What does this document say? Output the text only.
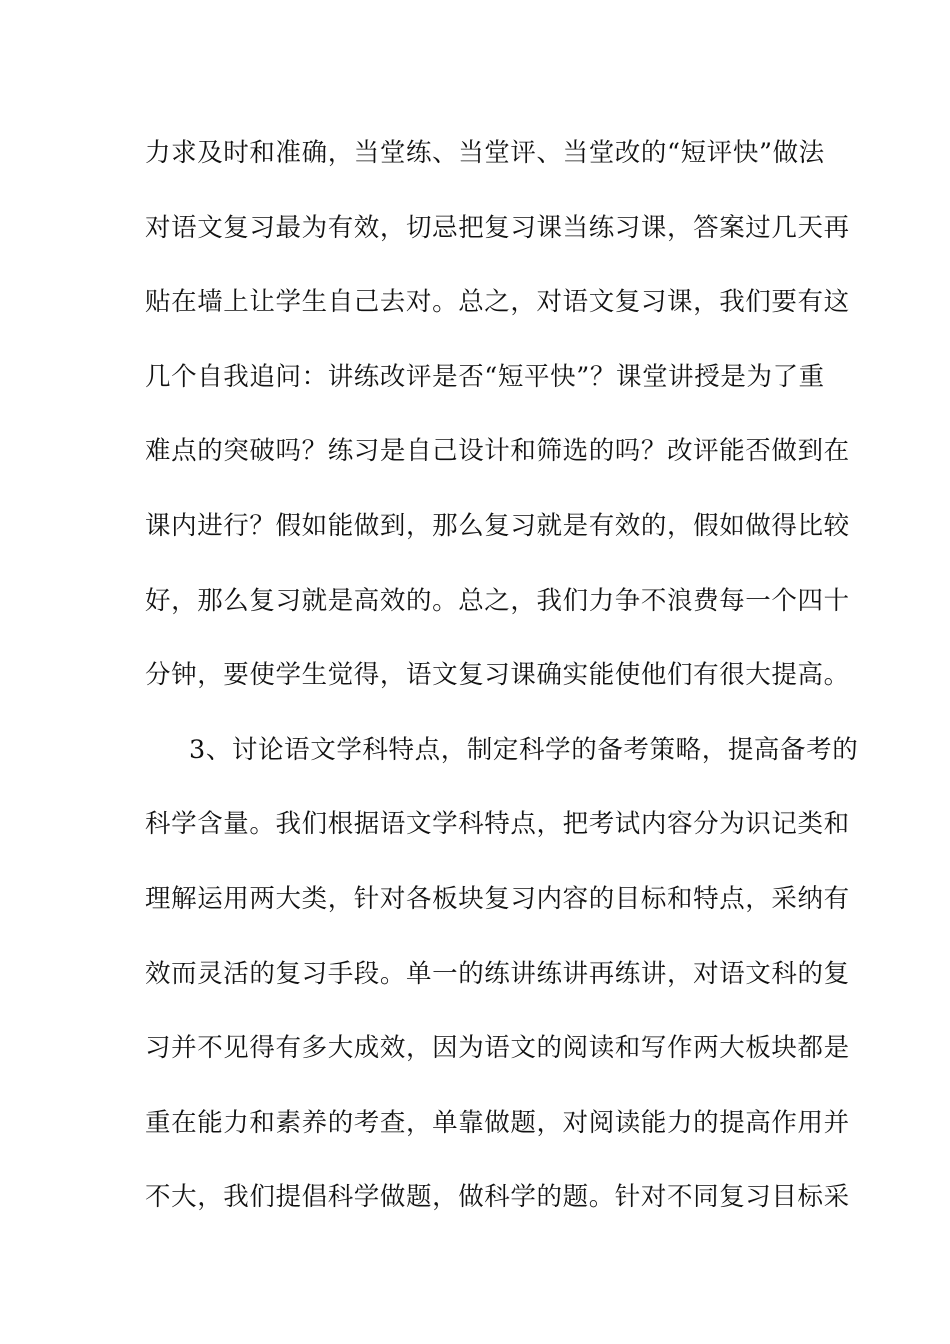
力求及时和准确，当堂练、当堂评、当堂改的“短评快”做法
对语文复习最为有效，切忌把复习课当练习课，答案过几天再
贴在墙上让学生自己去对。总之，对语文复习课，我们要有这
几个自我追问：讲练改评是否“短平快”？课堂讲授是为了重
难点的突破吗？练习是自己设计和筛选的吗？改评能否做到在
课内进行？假如能做到，那么复习就是有效的，假如做得比较
好，那么复习就是高效的。总之，我们力争不浪费每一个四十
分钟，要使学生觉得，语文复习课确实能使他们有很大提高。
3、讨论语文学科特点，制定科学的备考策略，提高备考的
科学含量。我们根据语文学科特点，把考试内容分为识记类和
理解运用两大类，针对各板块复习内容的目标和特点，采纳有
效而灵活的复习手段。单一的练讲练讲再练讲，对语文科的复
习并不见得有多大成效，因为语文的阅读和写作两大板块都是
重在能力和素养的考查，单靠做题，对阅读能力的提高作用并
不大，我们提倡科学做题，做科学的题。针对不同复习目标采
